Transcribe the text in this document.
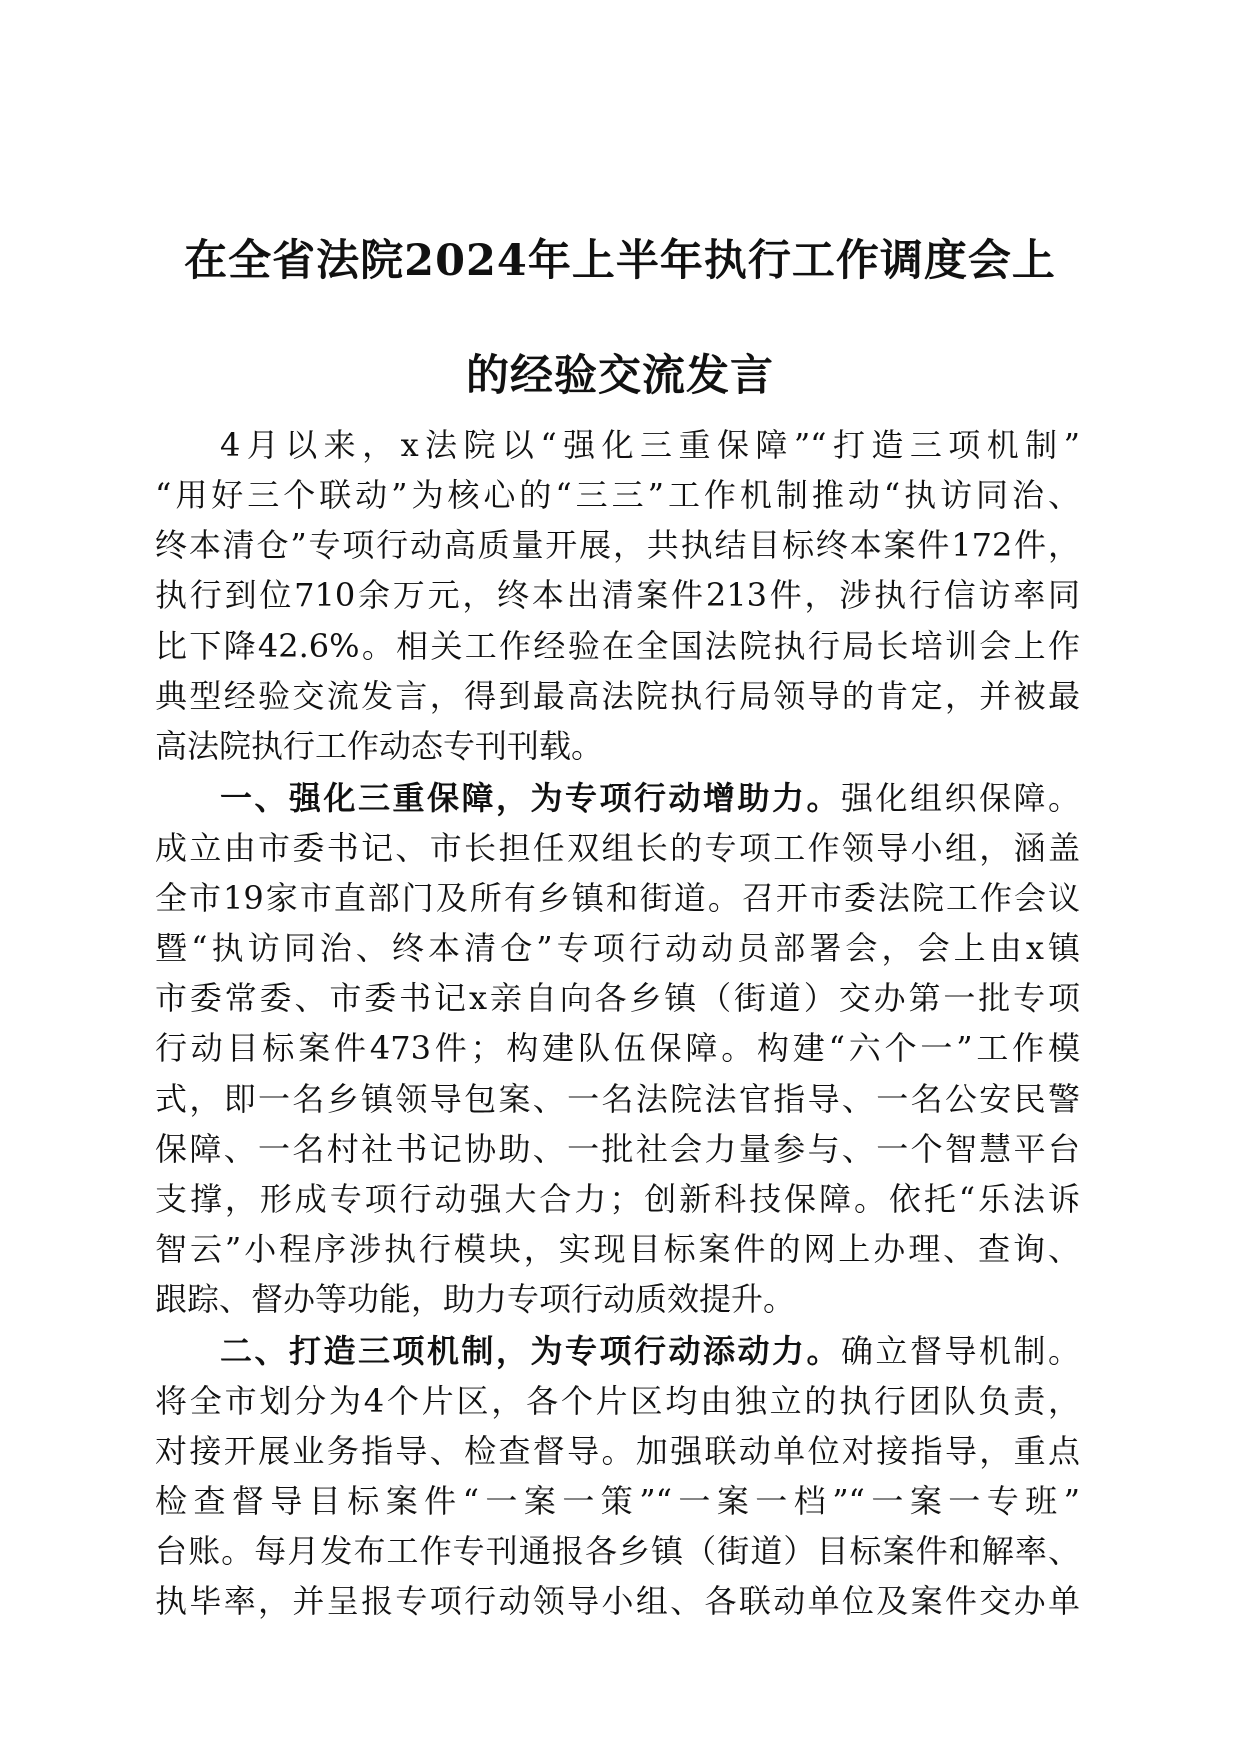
在全省法院2024年上半年执行工作调度会上
的经验交流发言
4月以来，x法院以“强化三重保障”“打造三项机制”
“用好三个联动”为核心的“三三”工作机制推动“执访同治、
终本清仓”专项行动高质量开展，共执结目标终本案件172件，
执行到位710余万元，终本出清案件213件，涉执行信访率同
比下降42.6%。相关工作经验在全国法院执行局长培训会上作
典型经验交流发言，得到最高法院执行局领导的肯定，并被最
高法院执行工作动态专刊刊载。
一、强化三重保障，为专项行动增助力。强化组织保障。
成立由市委书记、市长担任双组长的专项工作领导小组，涵盖
全市19家市直部门及所有乡镇和街道。召开市委法院工作会议
暨“执访同治、终本清仓”专项行动动员部署会，会上由x镇
市委常委、市委书记x亲自向各乡镇（街道）交办第一批专项
行动目标案件473件；构建队伍保障。构建“六个一”工作模
式，即一名乡镇领导包案、一名法院法官指导、一名公安民警
保障、一名村社书记协助、一批社会力量参与、一个智慧平台
支撑，形成专项行动强大合力；创新科技保障。依托“乐法诉
智云”小程序涉执行模块，实现目标案件的网上办理、查询、
跟踪、督办等功能，助力专项行动质效提升。
二、打造三项机制，为专项行动添动力。确立督导机制。
将全市划分为4个片区，各个片区均由独立的执行团队负责，
对接开展业务指导、检查督导。加强联动单位对接指导，重点
检查督导目标案件“一案一策”“一案一档”“一案一专班”
台账。每月发布工作专刊通报各乡镇（街道）目标案件和解率、
执毕率，并呈报专项行动领导小组、各联动单位及案件交办单
